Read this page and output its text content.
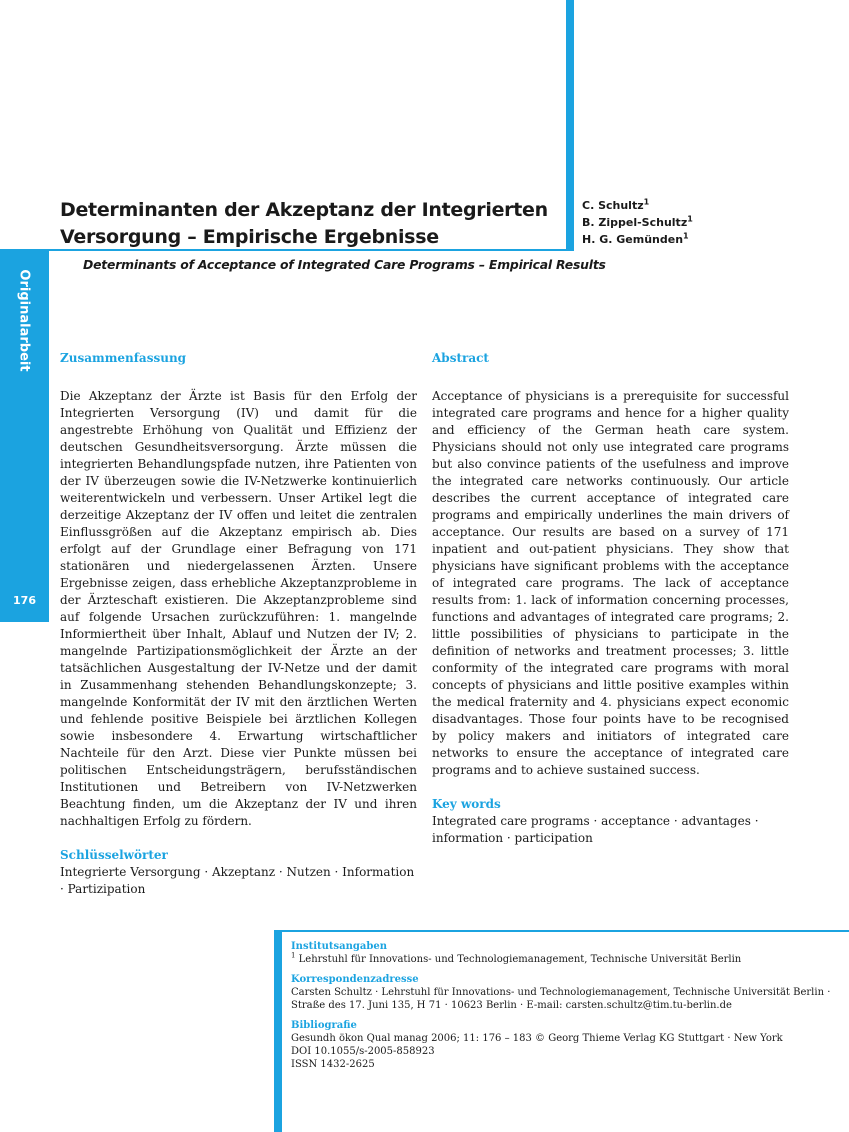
Originalarbeit
176
Determinanten der Akzeptanz der Integrierten
Versorgung – Empirische Ergebnisse
C. Schultz$^1$
B. Zippel-Schultz$^1$
H. G. Gemünden$^1$
Determinants of Acceptance of Integrated Care Programs – Empirical Results
Zusammenfassung
Die Akzeptanz der Ärzte ist Basis für den Erfolg der Integrierten Versorgung (IV) und damit für die angestrebte Erhöhung von Qualität und Effizienz der deutschen Gesundheitsversorgung. Ärzte müssen die integrierten Behandlungspfade nutzen, ihre Patienten von der IV überzeugen sowie die IV-Netzwerke kontinuierlich weiterentwickeln und verbessern. Unser Artikel legt die derzeitige Akzeptanz der IV offen und leitet die zentralen Einflussgrößen auf die Akzeptanz empirisch ab. Dies erfolgt auf der Grundlage einer Befragung von 171 stationären und niedergelassenen Ärzten. Unsere Ergebnisse zeigen, dass erhebliche Akzeptanzprobleme in der Ärzteschaft existieren. Die Akzeptanzprobleme sind auf folgende Ursachen zurückzuführen: 1. mangelnde Informiertheit über Inhalt, Ablauf und Nutzen der IV; 2. mangelnde Partizipationsmöglichkeit der Ärzte an der tatsächlichen Ausgestaltung der IV-Netze und der damit in Zusammenhang stehenden Behandlungskonzepte; 3. mangelnde Konformität der IV mit den ärztlichen Werten und fehlende positive Beispiele bei ärztlichen Kollegen sowie insbesondere 4. Erwartung wirtschaftlicher Nachteile für den Arzt. Diese vier Punkte müssen bei politischen Entscheidungsträgern, berufsständischen Institutionen und Betreibern von IV-Netzwerken Beachtung finden, um die Akzeptanz der IV und ihren nachhaltigen Erfolg zu fördern.
Schlüsselwörter
Integrierte Versorgung · Akzeptanz · Nutzen · Information · Partizipation
Abstract
Acceptance of physicians is a prerequisite for successful integrated care programs and hence for a higher quality and efficiency of the German heath care system. Physicians should not only use integrated care programs but also convince patients of the usefulness and improve the integrated care networks continuously. Our article describes the current acceptance of integrated care programs and empirically underlines the main drivers of acceptance. Our results are based on a survey of 171 inpatient and out-patient physicians. They show that physicians have significant problems with the acceptance of integrated care programs. The lack of acceptance results from: 1. lack of information concerning processes, functions and advantages of integrated care programs; 2. little possibilities of physicians to participate in the definition of networks and treatment processes; 3. little conformity of the integrated care programs with moral concepts of physicians and little positive examples within the medical fraternity and 4. physicians expect economic disadvantages. Those four points have to be recognised by policy makers and initiators of integrated care networks to ensure the acceptance of integrated care programs and to achieve sustained success.
Key words
Integrated care programs · acceptance · advantages · information · participation
Institutsangaben
$^1$ Lehrstuhl für Innovations- und Technologiemanagement, Technische Universität Berlin
Korrespondenzadresse
Carsten Schultz · Lehrstuhl für Innovations- und Technologiemanagement, Technische Universität Berlin ·
Straße des 17. Juni 135, H 71 · 10623 Berlin · E-mail: carsten.schultz@tim.tu-berlin.de
Bibliografie
Gesundh ökon Qual manag 2006; 11: 176 – 183 © Georg Thieme Verlag KG Stuttgart · New York
DOI 10.1055/s-2005-858923
ISSN 1432-2625
